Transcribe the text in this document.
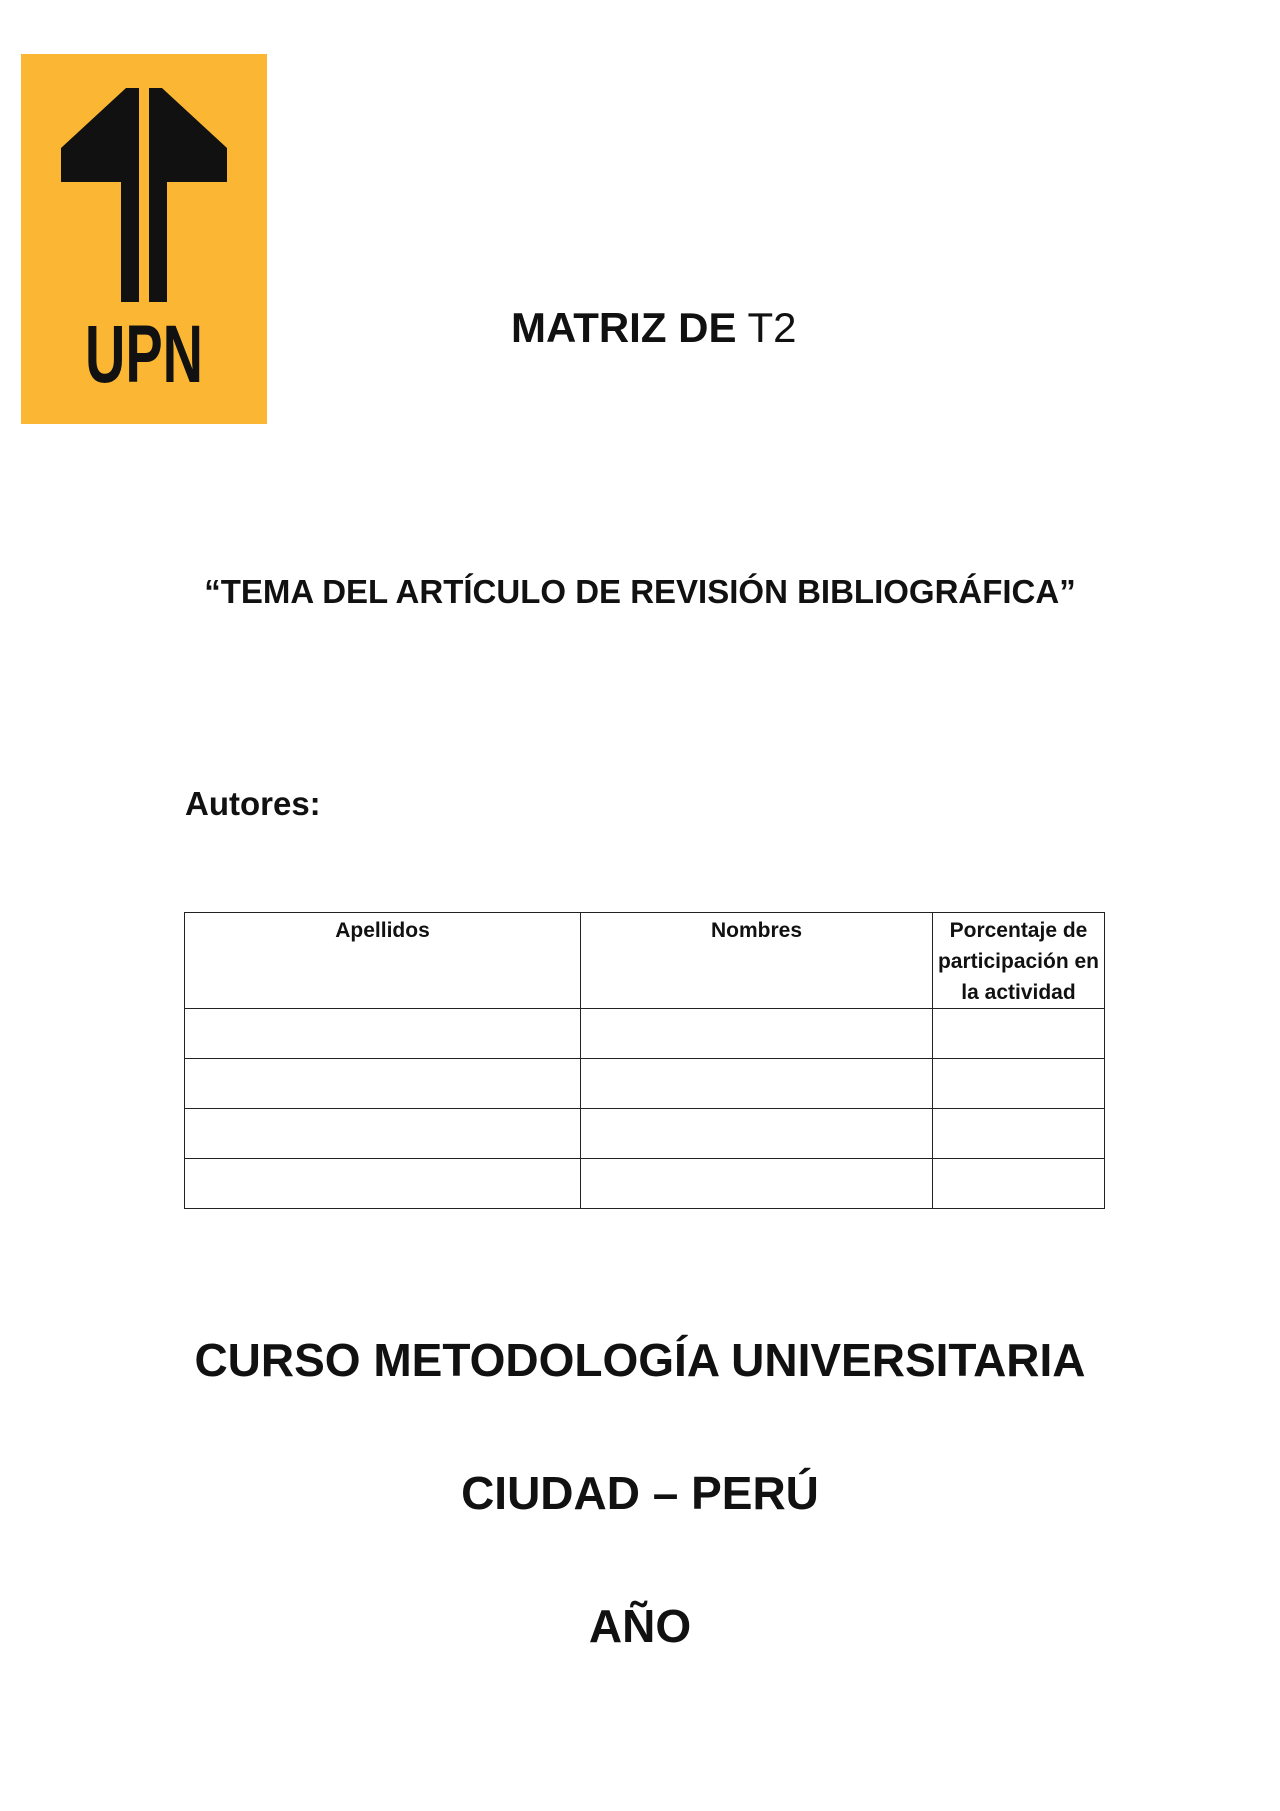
UPN	MATRIZ DE T2
“TEMA DEL ARTÍCULO DE REVISIÓN BIBLIOGRÁFICA”
Autores:
Apellidos	Nombres	Porcentaje de participación en la actividad

CURSO METODOLOGÍA UNIVERSITARIA
CIUDAD – PERÚ
AÑO
